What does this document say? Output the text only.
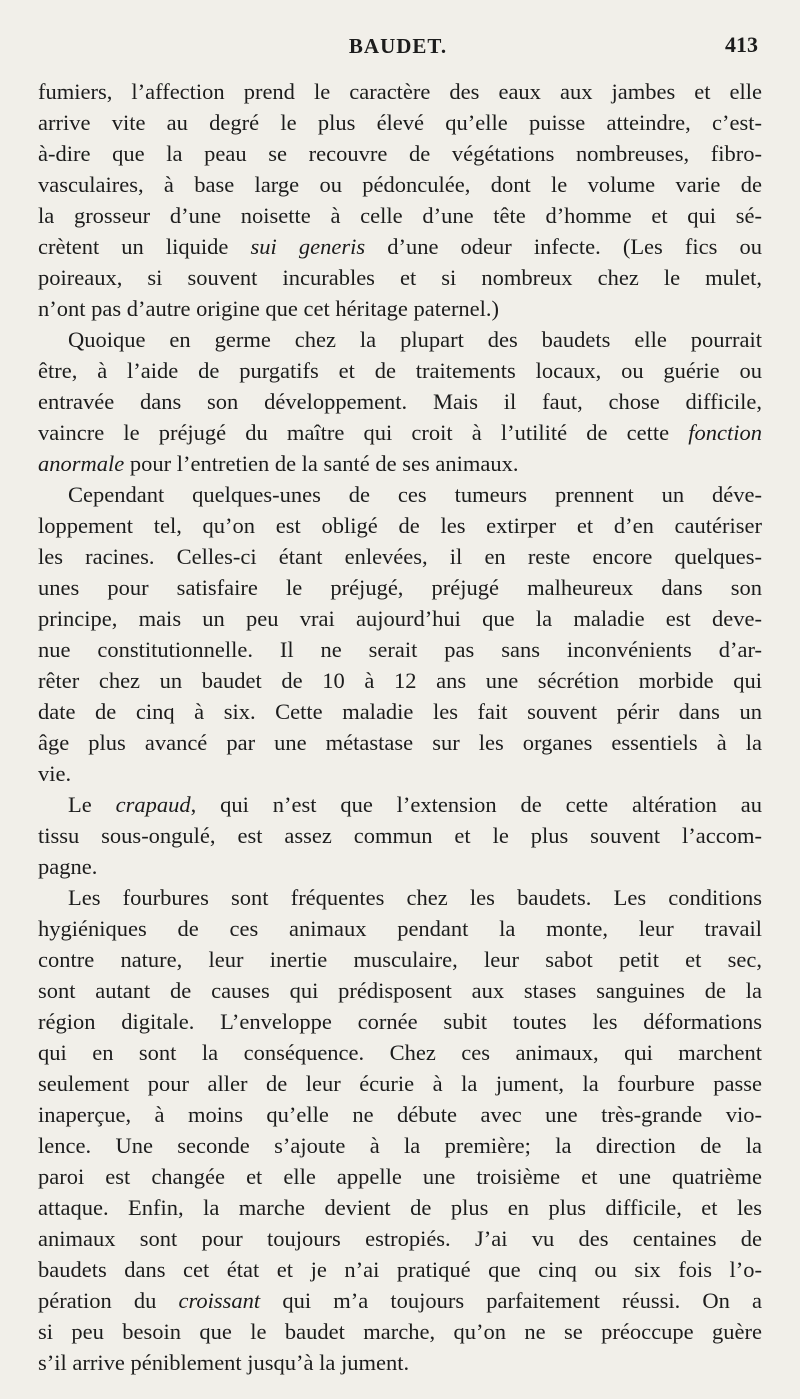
BAUDET.	413
fumiers, l’affection prend le caractère des eaux aux jambes et elle
arrive vite au degré le plus élevé qu’elle puisse atteindre, c’est-
à-dire que la peau se recouvre de végétations nombreuses, fibro-
vasculaires, à base large ou pédonculée, dont le volume varie de
la grosseur d’une noisette à celle d’une tête d’homme et qui sé-
crètent un liquide sui generis d’une odeur infecte. (Les fics ou
poireaux, si souvent incurables et si nombreux chez le mulet,
n’ont pas d’autre origine que cet héritage paternel.)
Quoique en germe chez la plupart des baudets elle pourrait
être, à l’aide de purgatifs et de traitements locaux, ou guérie ou
entravée dans son développement. Mais il faut, chose difficile,
vaincre le préjugé du maître qui croit à l’utilité de cette fonction
anormale pour l’entretien de la santé de ses animaux.
Cependant quelques-unes de ces tumeurs prennent un déve-
loppement tel, qu’on est obligé de les extirper et d’en cautériser
les racines. Celles-ci étant enlevées, il en reste encore quelques-
unes pour satisfaire le préjugé, préjugé malheureux dans son
principe, mais un peu vrai aujourd’hui que la maladie est deve-
nue constitutionnelle. Il ne serait pas sans inconvénients d’ar-
rêter chez un baudet de 10 à 12 ans une sécrétion morbide qui
date de cinq à six. Cette maladie les fait souvent périr dans un
âge plus avancé par une métastase sur les organes essentiels à la
vie.
Le crapaud, qui n’est que l’extension de cette altération au
tissu sous-ongulé, est assez commun et le plus souvent l’accom-
pagne.
Les fourbures sont fréquentes chez les baudets. Les conditions
hygiéniques de ces animaux pendant la monte, leur travail
contre nature, leur inertie musculaire, leur sabot petit et sec,
sont autant de causes qui prédisposent aux stases sanguines de la
région digitale. L’enveloppe cornée subit toutes les déformations
qui en sont la conséquence. Chez ces animaux, qui marchent
seulement pour aller de leur écurie à la jument, la fourbure passe
inaperçue, à moins qu’elle ne débute avec une très-grande vio-
lence. Une seconde s’ajoute à la première; la direction de la
paroi est changée et elle appelle une troisième et une quatrième
attaque. Enfin, la marche devient de plus en plus difficile, et les
animaux sont pour toujours estropiés. J’ai vu des centaines de
baudets dans cet état et je n’ai pratiqué que cinq ou six fois l’o-
pération du croissant qui m’a toujours parfaitement réussi. On a
si peu besoin que le baudet marche, qu’on ne se préoccupe guère
s’il arrive péniblement jusqu’à la jument.
